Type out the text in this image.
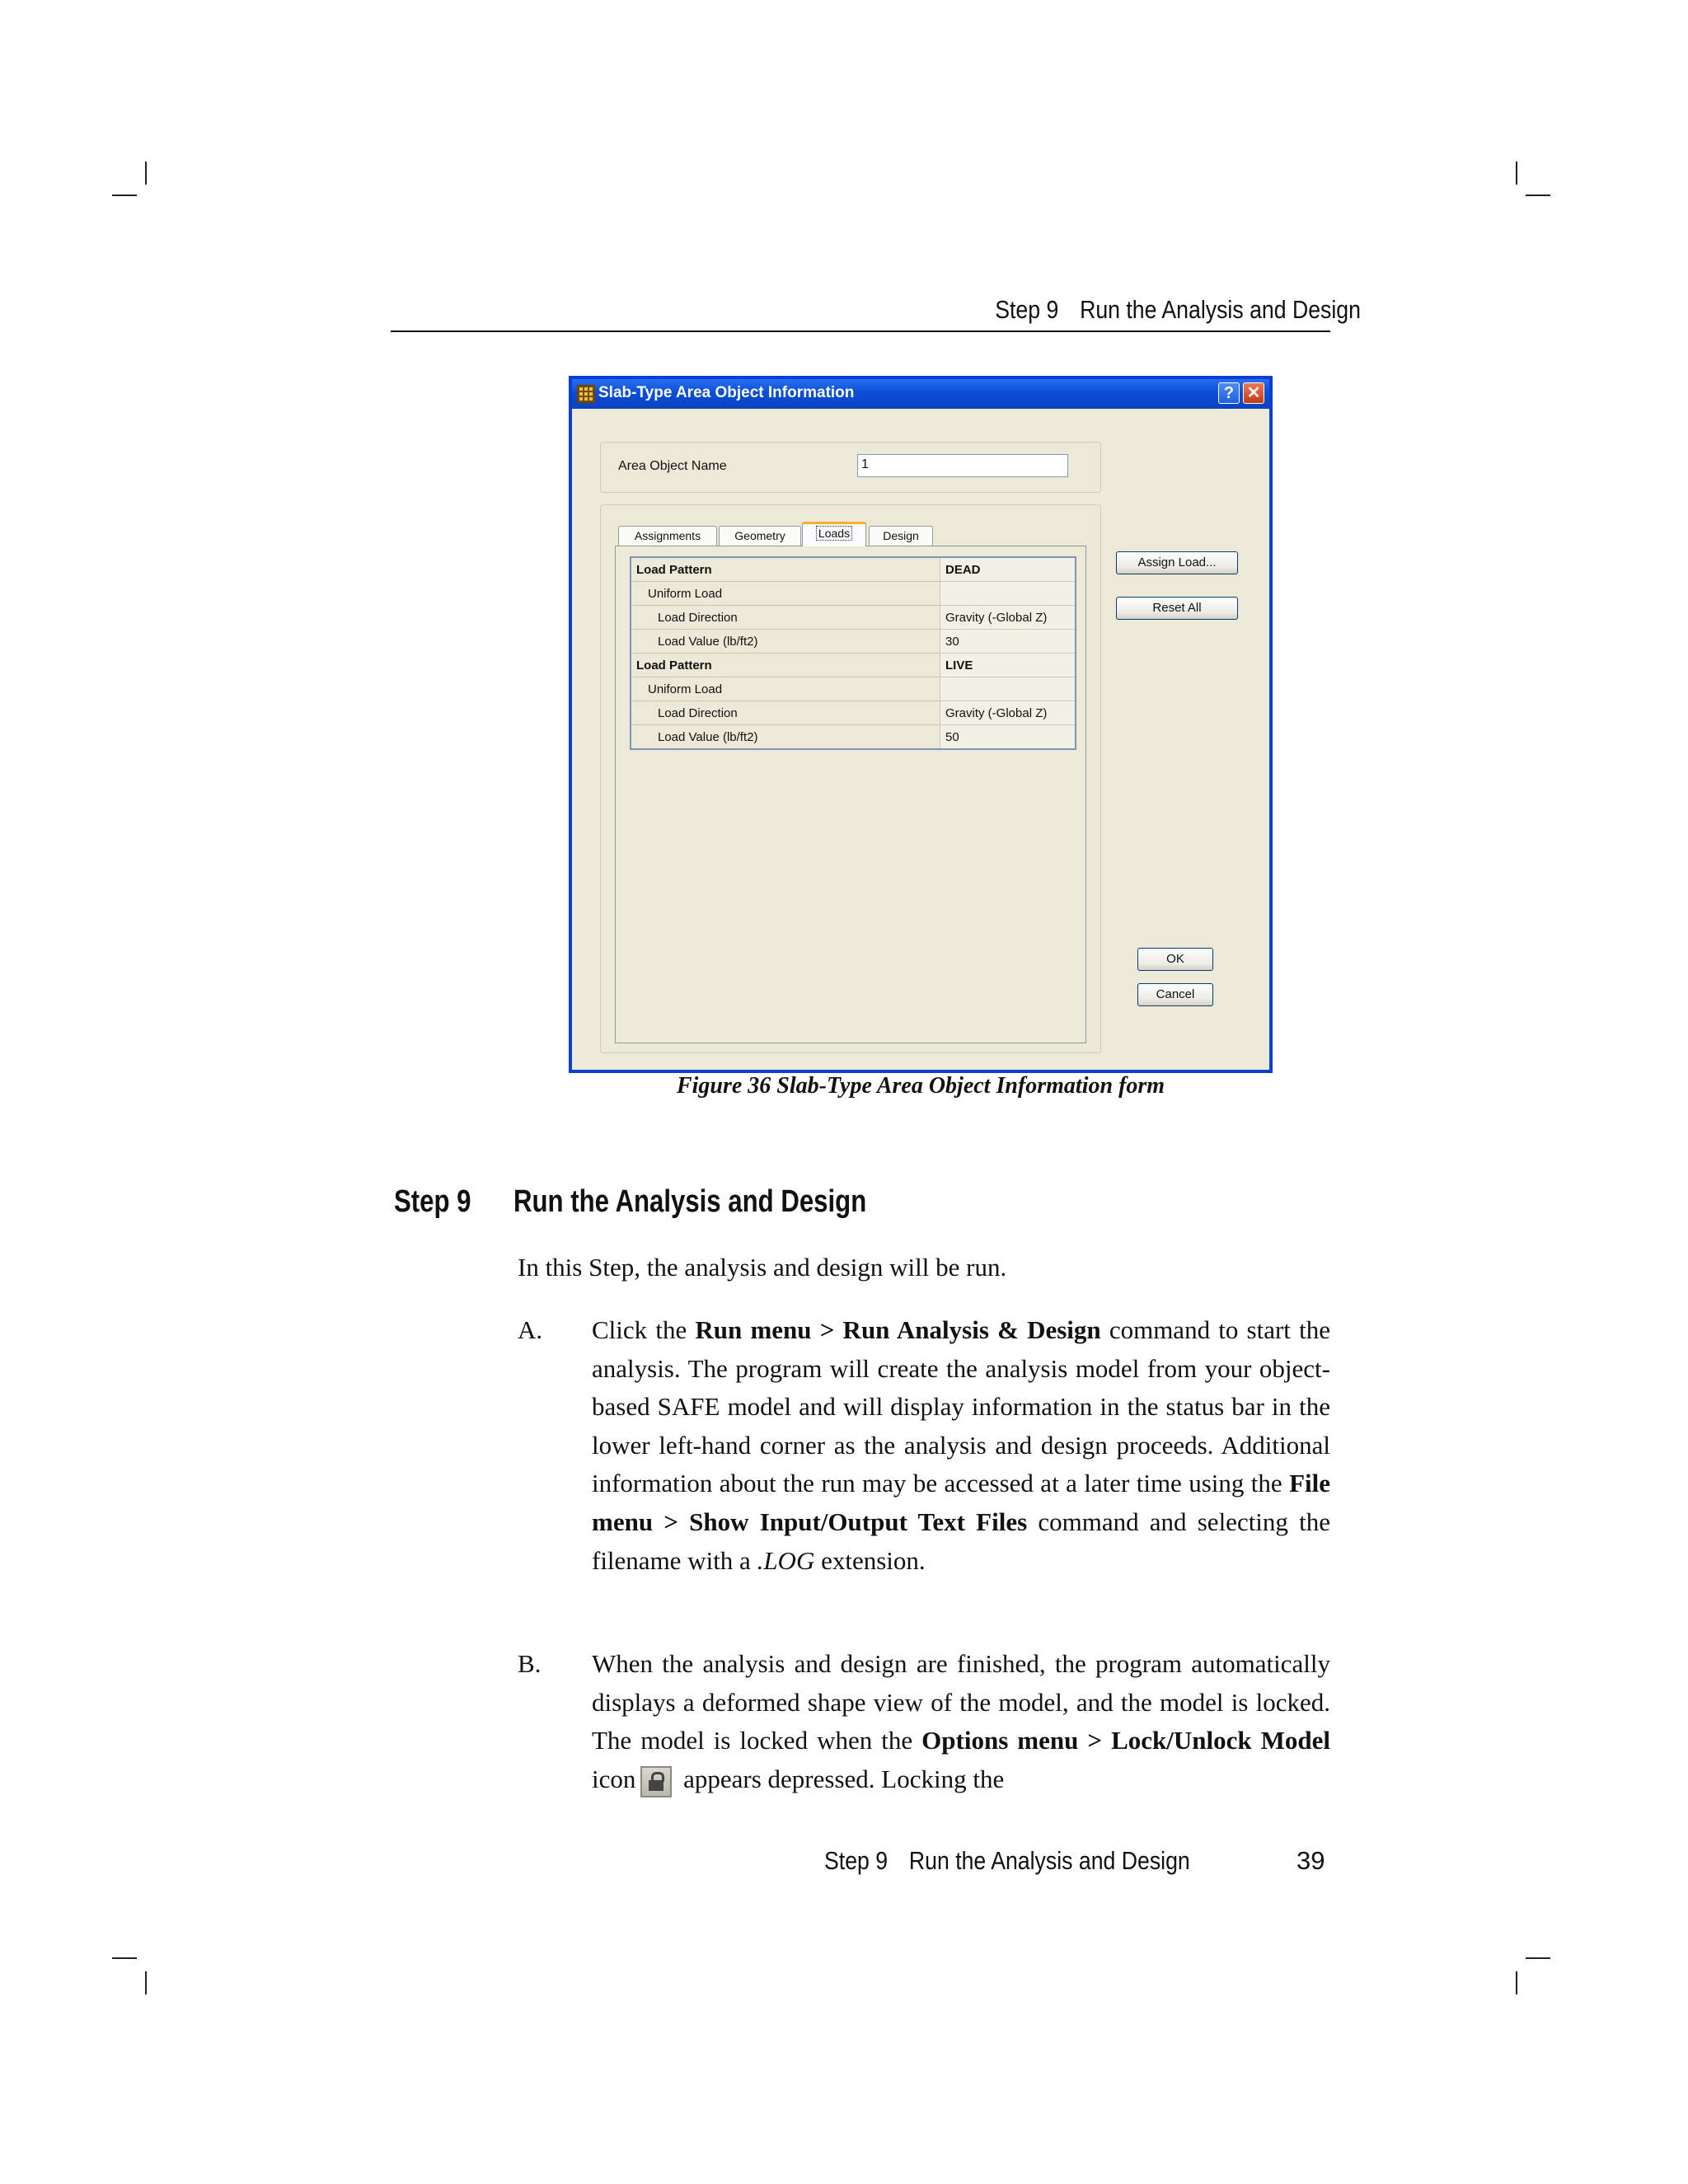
Step 9 Run the Analysis and Design
Slab-Type Area Object Information	? ✕
Area Object Name	1
Assignments	Geometry	Loads	Design
Load Pattern	DEAD
Uniform Load	
Load Direction	Gravity (-Global Z)
Load Value (lb/ft2)	30
Load Pattern	LIVE
Uniform Load	
Load Direction	Gravity (-Global Z)
Load Value (lb/ft2)	50
Assign Load...
Reset All
OK
Cancel
Figure 36 Slab-Type Area Object Information form
Step 9 Run the Analysis and Design
In this Step, the analysis and design will be run.
A. Click the Run menu > Run Analysis & Design command to start the analysis. The program will create the analysis model from your object-based SAFE model and will display information in the status bar in the lower left-hand corner as the analysis and design proceeds. Additional information about the run may be accessed at a later time using the File menu > Show Input/Output Text Files command and selecting the filename with a .LOG extension.
B. When the analysis and design are finished, the program automatically displays a deformed shape view of the model, and the model is locked. The model is locked when the Options menu > Lock/Unlock Model icon appears depressed. Locking the
Step 9 Run the Analysis and Design	39
